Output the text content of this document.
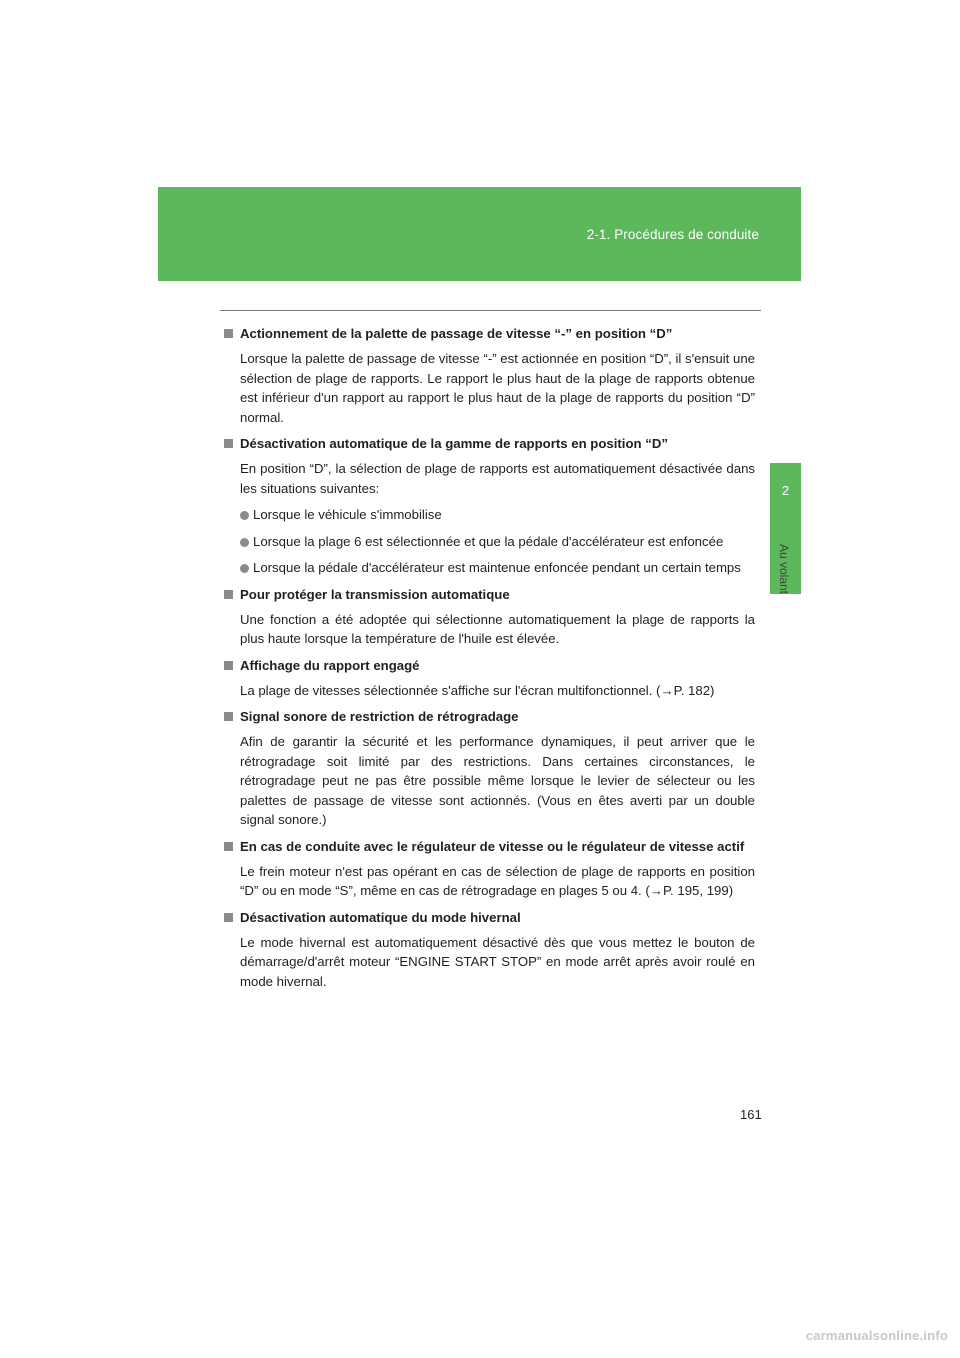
2-1. Procédures de conduite
2
Au volant
Actionnement de la palette de passage de vitesse “-” en position “D”
Lorsque la palette de passage de vitesse “-” est actionnée en position “D”, il s'ensuit une sélection de plage de rapports. Le rapport le plus haut de la plage de rapports obtenue est inférieur d'un rapport au rapport le plus haut de la plage de rapports du position “D” normal.
Désactivation automatique de la gamme de rapports en position “D”
En position “D”, la sélection de plage de rapports est automatiquement désactivée dans les situations suivantes:
Lorsque le véhicule s'immobilise
Lorsque la plage 6 est sélectionnée et que la pédale d'accélérateur est enfoncée
Lorsque la pédale d'accélérateur est maintenue enfoncée pendant un certain temps
Pour protéger la transmission automatique
Une fonction a été adoptée qui sélectionne automatiquement la plage de rapports la plus haute lorsque la température de l'huile est élevée.
Affichage du rapport engagé
La plage de vitesses sélectionnée s'affiche sur l'écran multifonctionnel. (→P. 182)
Signal sonore de restriction de rétrogradage
Afin de garantir la sécurité et les performance dynamiques, il peut arriver que le rétrogradage soit limité par des restrictions. Dans certaines circonstances, le rétrogradage peut ne pas être possible même lorsque le levier de sélecteur ou les palettes de passage de vitesse sont actionnés. (Vous en êtes averti par un double signal sonore.)
En cas de conduite avec le régulateur de vitesse ou le régulateur de vitesse actif
Le frein moteur n'est pas opérant en cas de sélection de plage de rapports en position “D” ou en mode “S”, même en cas de rétrogradage en plages 5 ou 4. (→P. 195, 199)
Désactivation automatique du mode hivernal
Le mode hivernal est automatiquement désactivé dès que vous mettez le bouton de démarrage/d'arrêt moteur “ENGINE START STOP” en mode arrêt après avoir roulé en mode hivernal.
161
carmanualsonline.info
